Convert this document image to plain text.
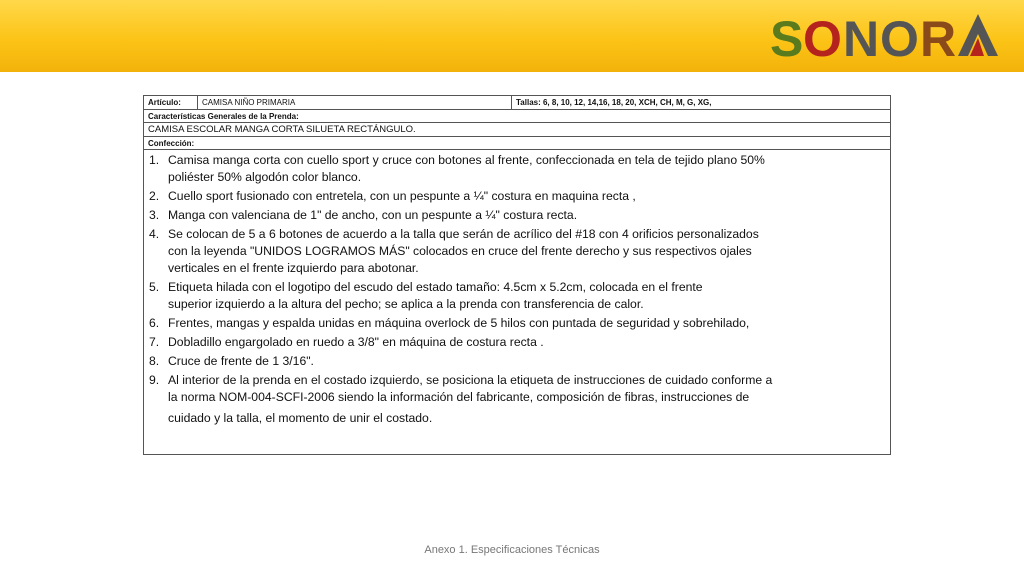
S O N O R
Artículo:	CAMISA NIÑO PRIMARIA	Tallas: 6, 8, 10, 12, 14,16, 18, 20, XCH, CH, M, G, XG,
Características Generales de la Prenda:
CAMISA ESCOLAR MANGA CORTA SILUETA RECTÁNGULO.
Confección:
1. Camisa manga corta con cuello sport y cruce con botones al frente, confeccionada en tela de tejido plano 50%
poliéster 50% algodón color blanco.
2. Cuello sport fusionado con entretela, con un pespunte a ¼" costura en maquina recta ,
3. Manga con valenciana de 1" de ancho, con un pespunte a ¼" costura recta.
4. Se colocan de 5 a 6 botones de acuerdo a la talla que serán de acrílico del #18 con 4 orificios personalizados
con la leyenda "UNIDOS LOGRAMOS MÁS" colocados en cruce del frente derecho y sus respectivos ojales
verticales en el frente izquierdo para abotonar.
5. Etiqueta hilada con el logotipo del escudo del estado tamaño: 4.5cm x 5.2cm, colocada en el frente
superior izquierdo a la altura del pecho; se aplica a la prenda con transferencia de calor.
6. Frentes, mangas y espalda unidas en máquina overlock de 5 hilos con puntada de seguridad y sobrehilado,
7. Dobladillo engargolado en ruedo a 3/8" en máquina de costura recta .
8. Cruce de frente de 1 3/16".
9. Al interior de la prenda en el costado izquierdo, se posiciona la etiqueta de instrucciones de cuidado conforme a
la norma NOM-004-SCFI-2006 siendo la información del fabricante, composición de fibras, instrucciones de
cuidado y la talla, el momento de unir el costado.
Anexo 1. Especificaciones Técnicas
